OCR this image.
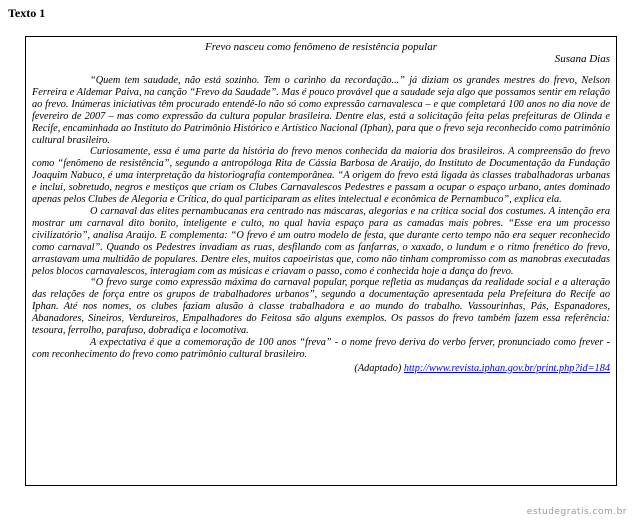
Texto 1
Frevo nasceu como fenômeno de resistência popular
Susana Dias

“Quem tem saudade, não está sozinho. Tem o carinho da recordação...” já diziam os grandes mestres do frevo, Nelson Ferreira e Aldemar Paiva, na canção “Frevo da Saudade”. Mas é pouco provável que a saudade seja algo que possamos sentir em relação ao frevo. Inúmeras iniciativas têm procurado entendê-lo não só como expressão carnavalesca – e que completará 100 anos no dia nove de fevereiro de 2007 – mas como expressão da cultura popular brasileira. Dentre elas, está a solicitação feita pelas prefeituras de Olinda e Recife, encaminhada ao Instituto do Patrimônio Histórico e Artístico Nacional (Iphan), para que o frevo seja reconhecido como patrimônio cultural brasileiro.

Curiosamente, essa é uma parte da história do frevo menos conhecida da maioria dos brasileiros. A compreensão do frevo como “fenômeno de resistência”, segundo a antropóloga Rita de Cássia Barbosa de Araújo, do Instituto de Documentação da Fundação Joaquim Nabuco, é uma interpretação da historiografia contemporânea. “A origem do frevo está ligada às classes trabalhadoras urbanas e inclui, sobretudo, negros e mestiços que criam os Clubes Carnavalescos Pedestres e passam a ocupar o espaço urbano, antes dominado apenas pelos Clubes de Alegoria e Crítica, do qual participaram as elites intelectual e econômica de Pernambuco”, explica ela.

O carnaval das elites pernambucanas era centrado nas máscaras, alegorias e na crítica social dos costumes. A intenção era mostrar um carnaval dito bonito, inteligente e culto, no qual havia espaço para as camadas mais pobres. “Esse era um processo civilizatório”, analisa Araújo. E complementa: “O frevo é um outro modelo de festa, que durante certo tempo não era sequer reconhecido como carnaval”. Quando os Pedestres invadiam as ruas, desfilando com as fanfarras, o xaxado, o lundum e o ritmo frenético do frevo, arrastavam uma multidão de populares. Dentre eles, muitos capoeiristas que, como não tinham compromisso com as manobras executadas pelos blocos carnavalescos, interagiam com as músicas e criavam o passo, como é conhecida hoje a dança do frevo.

“O frevo surge como expressão máxima do carnaval popular, porque refletia as mudanças da realidade social e a alteração das relações de força entre os grupos de trabalhadores urbanos”, segundo a documentação apresentada pela Prefeitura do Recife ao Iphan. Até nos nomes, os clubes faziam alusão à classe trabalhadora e ao mundo do trabalho. Vassourinhas, Pás, Espanadores, Abanadores, Sineiros, Verdureiros, Empalhadores do Feitosa são alguns exemplos. Os passos do frevo também fazem essa referência: tesoura, ferrolho, parafuso, dobradiça e locomotiva.

A expectativa é que a comemoração de 100 anos “freva” - o nome frevo deriva do verbo ferver, pronunciado como frever - com reconhecimento do frevo como patrimônio cultural brasileiro.

(Adaptado) http://www.revista.iphan.gov.br/print.php?id=184
estudegratis.com.br
